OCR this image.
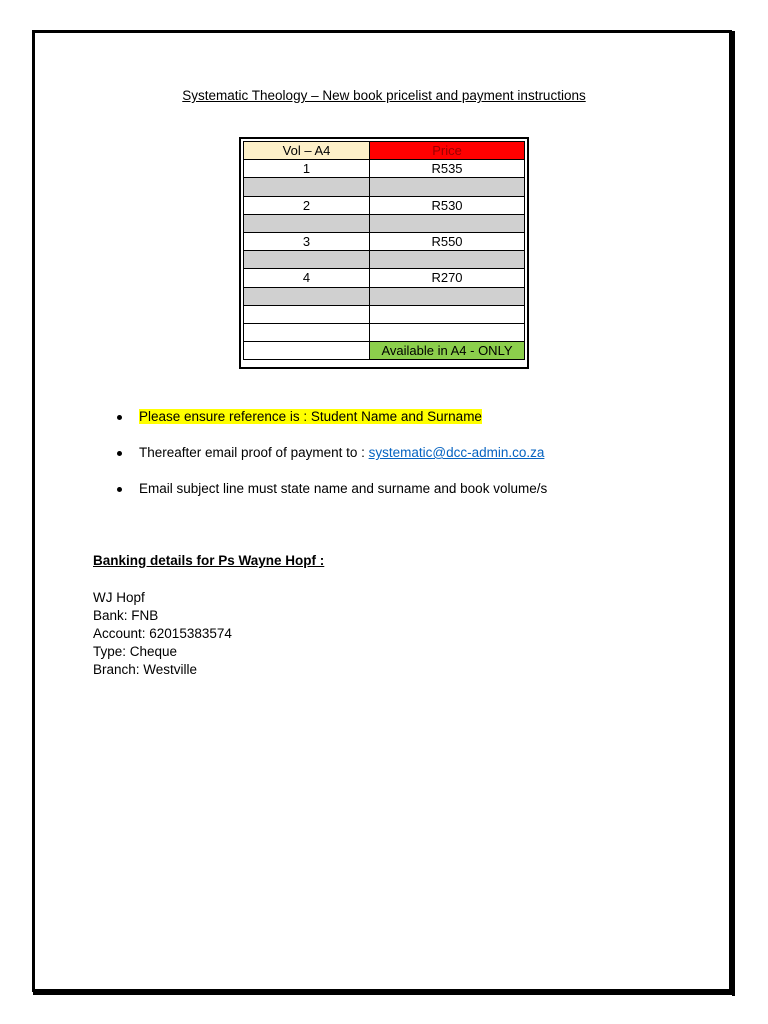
Systematic Theology – New book pricelist and payment instructions
Vol – A4	Price
1	R535

2	R530

3	R550

4	R270

	Available in A4 - ONLY
Please ensure reference is : Student Name and Surname
Thereafter email proof of payment to : systematic@dcc-admin.co.za
Email subject line must state name and surname and book volume/s
Banking details for Ps Wayne Hopf :
WJ Hopf
Bank: FNB
Account: 62015383574
Type: Cheque
Branch: Westville
